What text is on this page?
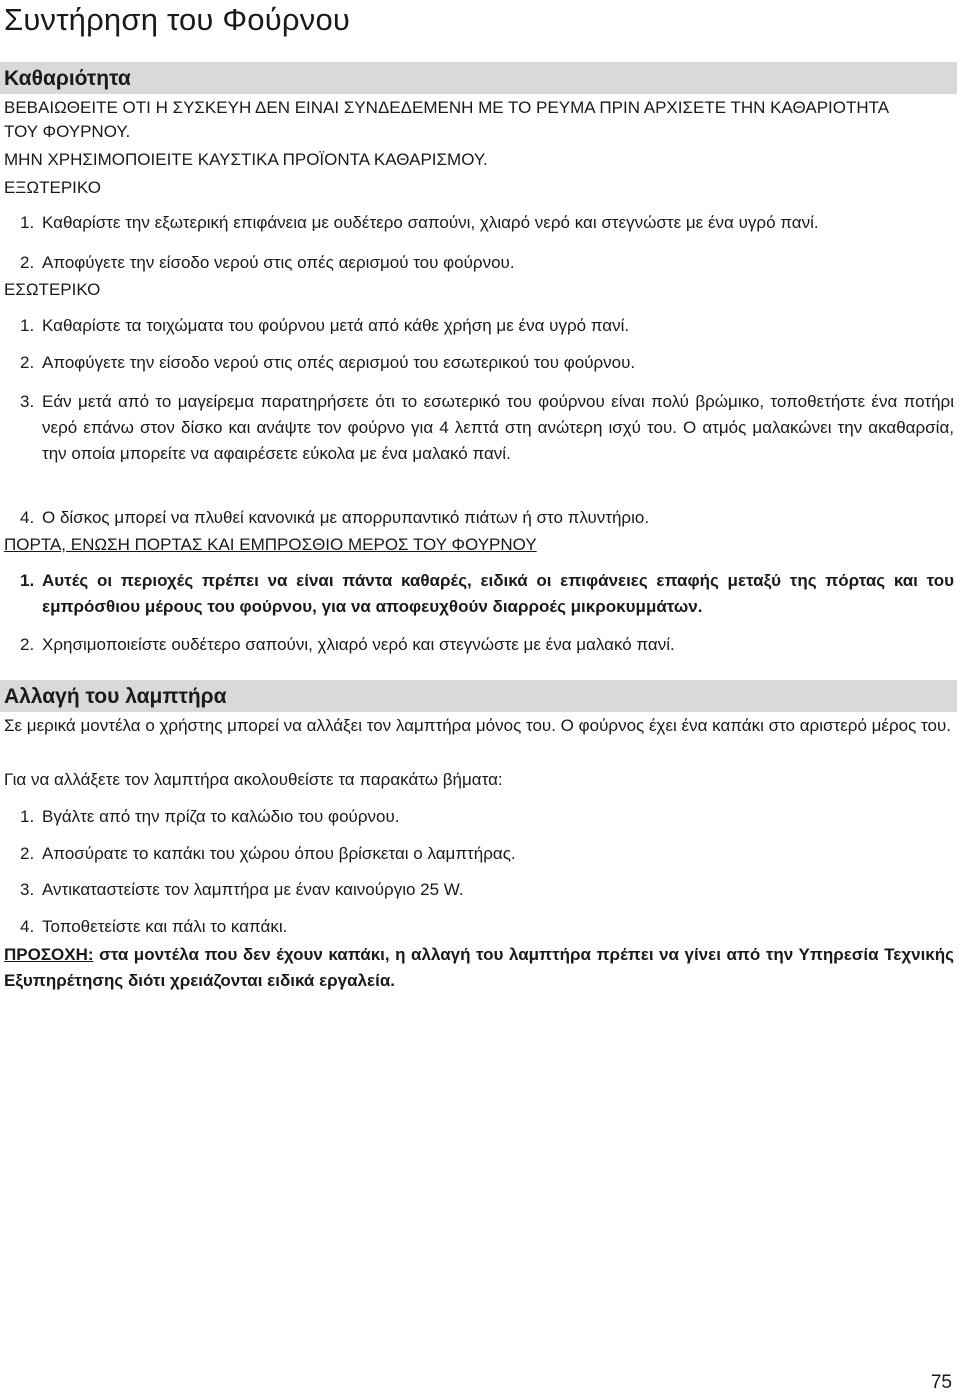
Συντήρηση του Φούρνου
Καθαριότητα
ΒΕΒΑΙΩΘΕΙΤΕ ΟΤΙ Η ΣΥΣΚΕΥΗ ΔΕΝ ΕΙΝΑΙ ΣΥΝΔΕΔΕΜΕΝΗ ΜΕ ΤΟ ΡΕΥΜΑ ΠΡΙΝ ΑΡΧΙΣΕΤΕ ΤΗΝ ΚΑΘΑΡΙΟΤΗΤΑ
ΤΟΥ ΦΟΥΡΝΟΥ.
ΜΗΝ ΧΡΗΣΙΜΟΠΟΙΕΙΤΕ ΚΑΥΣΤΙΚΑ ΠΡΟΪΟΝΤΑ ΚΑΘΑΡΙΣΜΟΥ.
ΕΞΩΤΕΡΙΚΟ
1. Καθαρίστε την εξωτερική επιφάνεια με ουδέτερο σαπούνι, χλιαρό νερό και στεγνώστε με ένα υγρό πανί.
2. Αποφύγετε την είσοδο νερού στις οπές αερισμού του φούρνου.
ΕΣΩΤΕΡΙΚΟ
1. Καθαρίστε τα τοιχώματα του φούρνου μετά από κάθε χρήση με ένα υγρό πανί.
2. Αποφύγετε την είσοδο νερού στις οπές αερισμού του εσωτερικού του φούρνου.
3. Εάν μετά από το μαγείρεμα παρατηρήσετε ότι το εσωτερικό του φούρνου είναι πολύ βρώμικο, τοποθετήστε ένα ποτήρι νερό επάνω στον δίσκο και ανάψτε τον φούρνο για 4 λεπτά στη ανώτερη ισχύ του. Ο ατμός μαλακώνει την ακαθαρσία, την οποία μπορείτε να αφαιρέσετε εύκολα με ένα μαλακό πανί.
4. Ο δίσκος μπορεί να πλυθεί κανονικά με απορρυπαντικό πιάτων ή στο πλυντήριο.
ΠΟΡΤΑ, ΕΝΩΣΗ ΠΟΡΤΑΣ ΚΑΙ ΕΜΠΡΟΣΘΙΟ ΜΕΡΟΣ ΤΟΥ ΦΟΥΡΝΟΥ
1. Αυτές οι περιοχές πρέπει να είναι πάντα καθαρές, ειδικά οι επιφάνειες επαφής μεταξύ της πόρτας και του εμπρόσθιου μέρους του φούρνου, για να αποφευχθούν διαρροές μικροκυμμάτων.
2. Χρησιμοποιείστε ουδέτερο σαπούνι, χλιαρό νερό και στεγνώστε με ένα μαλακό πανί.
Αλλαγή του λαμπτήρα
Σε μερικά μοντέλα ο χρήστης μπορεί να αλλάξει τον λαμπτήρα μόνος του. Ο φούρνος έχει ένα καπάκι στο αριστερό μέρος του.
Για να αλλάξετε τον λαμπτήρα ακολουθείστε τα παρακάτω βήματα:
1. Βγάλτε από την πρίζα το καλώδιο του φούρνου.
2. Αποσύρατε το καπάκι του χώρου όπου βρίσκεται ο λαμπτήρας.
3. Αντικαταστείστε τον λαμπτήρα με έναν καινούργιο 25 W.
4. Τοποθετείστε και πάλι το καπάκι.
ΠΡΟΣΟΧΗ: στα μοντέλα που δεν έχουν καπάκι, η αλλαγή του λαμπτήρα πρέπει να γίνει από την Υπηρεσία Τεχνικής Εξυπηρέτησης διότι χρειάζονται ειδικά εργαλεία.
75
